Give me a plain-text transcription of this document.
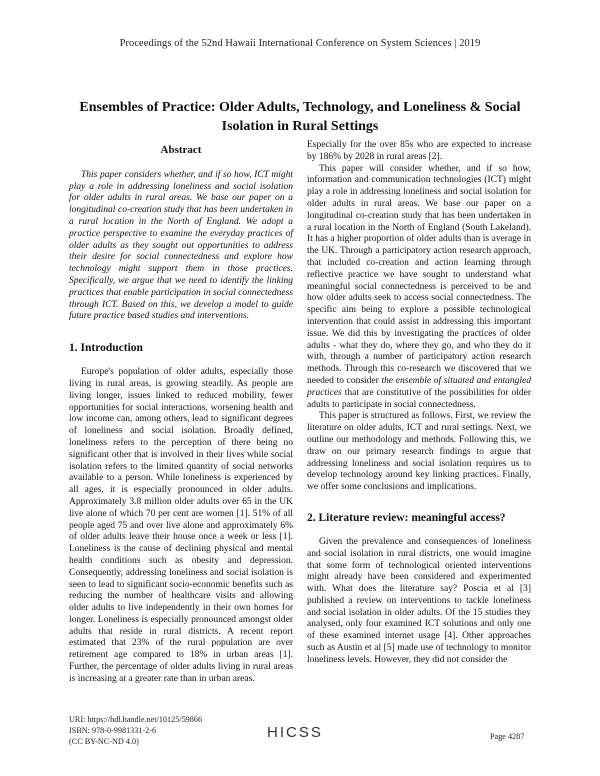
Proceedings of the 52nd Hawaii International Conference on System Sciences | 2019
Ensembles of Practice: Older Adults, Technology, and Loneliness & Social Isolation in Rural Settings
Abstract

This paper considers whether, and if so how, ICT might play a role in addressing loneliness and social isolation for older adults in rural areas. We base our paper on a longitudinal co-creation study that has been undertaken in a rural location in the North of England. We adopt a practice perspective to examine the everyday practices of older adults as they sought out opportunities to address their desire for social connectedness and explore how technology might support them in those practices. Specifically, we argue that we need to identify the linking practices that enable participation in social connectedness through ICT. Based on this, we develop a model to guide future practice based studies and interventions.

1. Introduction

Europe's population of older adults, especially those living in rural areas, is growing steadily. As people are living longer, issues linked to reduced mobility, fewer opportunities for social interactions, worsening health and low income can, among others, lead to significant degrees of loneliness and social isolation. Broadly defined, loneliness refers to the perception of there being no significant other that is involved in their lives while social isolation refers to the limited quantity of social networks available to a person. While loneliness is experienced by all ages, it is especially pronounced in older adults. Approximately 3.8 million older adults over 65 in the UK live alone of which 70 per cent are women [1]. 51% of all people aged 75 and over live alone and approximately 6% of older adults leave their house once a week or less [1]. Loneliness is the cause of declining physical and mental health conditions such as obesity and depression. Consequently, addressing loneliness and social isolation is seen to lead to significant socio-economic benefits such as reducing the number of healthcare visits and allowing older adults to live independently in their own homes for longer. Loneliness is especially pronounced amongst older adults that reside in rural districts. A recent report estimated that 23% of the rural population are over retirement age compared to 18% in urban areas [1]. Further, the percentage of older adults living in rural areas is increasing at a greater rate than in urban areas.

Especially for the over 85s who are expected to increase by 186% by 2028 in rural areas [2].

This paper will consider whether, and if so how, information and communication technologies (ICT) might play a role in addressing loneliness and social isolation for older adults in rural areas. We base our paper on a longitudinal co-creation study that has been undertaken in a rural location in the North of England (South Lakeland). It has a higher proportion of older adults than is average in the UK. Through a participatory action research approach, that included co-creation and action learning through reflective practice we have sought to understand what meaningful social connectedness is perceived to be and how older adults seek to access social connectedness. The specific aim being to explore a possible technological intervention that could assist in addressing this important issue. We did this by investigating the practices of older adults - what they do, where they go, and who they do it with, through a number of participatory action research methods. Through this co-research we discovered that we needed to consider the ensemble of situated and entangled practices that are constitutive of the possibilities for older adults to participate in social connectedness.

This paper is structured as follows. First, we review the literature on older adults, ICT and rural settings. Next, we outline our methodology and methods. Following this, we draw on our primary research findings to argue that addressing loneliness and social isolation requires us to develop technology around key linking practices. Finally, we offer some conclusions and implications.

2. Literature review: meaningful access?

Given the prevalence and consequences of loneliness and social isolation in rural districts, one would imagine that some form of technological oriented interventions might already have been considered and experimented with. What does the literature say? Poscia et al [3] published a review on interventions to tackle loneliness and social isolation in older adults. Of the 15 studies they analysed, only four examined ICT solutions and only one of these examined internet usage [4]. Other approaches such as Austin et al [5] made use of technology to monitor loneliness levels. However, they did not consider the

URI: https://hdl.handle.net/10125/59866
ISBN: 978-0-9981331-2-6
(CC BY-NC-ND 4.0)
HICSS	Page 4287
